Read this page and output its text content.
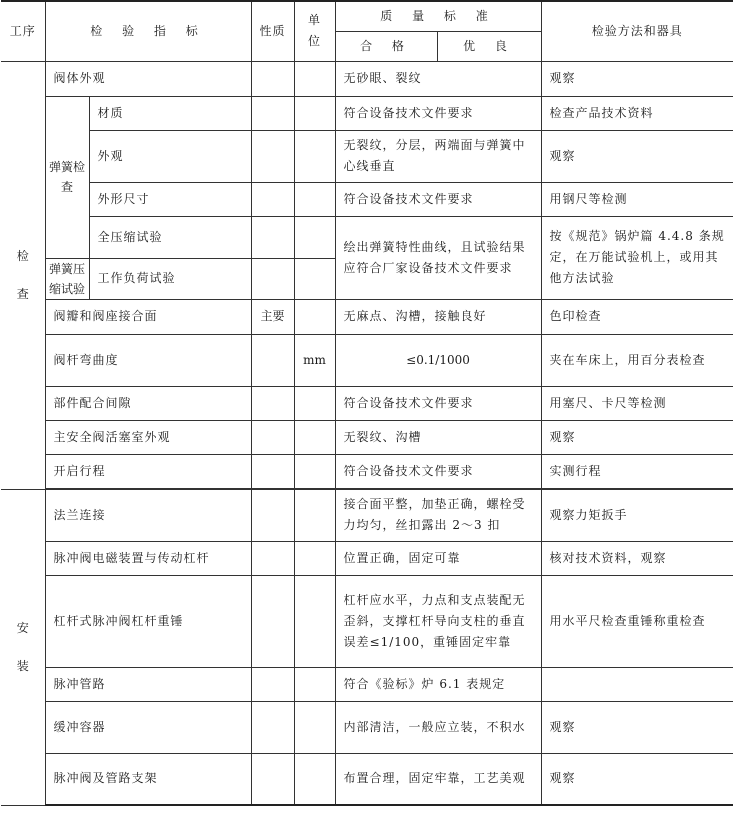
工序	检 验 指 标		性质	单位	质 量 标 准		检验方法和器具
					合 格	优 良	

检
查	阀体外观				无砂眼、裂纹		观察
	弹簧检查	材质			符合设备技术文件要求		检查产品技术资料
		外观			无裂纹，分层，两端面与弹簧中心线垂直		观察
		外形尺寸			符合设备技术文件要求		用钢尺等检测
		全压缩试验			绘出弹簧特性曲线，且试验结果应符合厂家设备技术文件要求		按《规范》锅炉篇 4.4.8 条规定，在万能试验机上，或用其他方法试验
	弹簧压缩试验	工作负荷试验					
	阀瓣和阀座接合面		主要		无麻点、沟槽，接触良好		色印检查
	阀杆弯曲度			mm	≤0.1/1000		夹在车床上，用百分表检查
	部件配合间隙				符合设备技术文件要求		用塞尺、卡尺等检测
	主安全阀活塞室外观				无裂纹、沟槽		观察
	开启行程				符合设备技术文件要求		实测行程

安
装	法兰连接				接合面平整，加垫正确，螺栓受力均匀，丝扣露出 2～3 扣		观察力矩扳手
	脉冲阀电磁装置与传动杠杆				位置正确，固定可靠		核对技术资料，观察
	杠杆式脉冲阀杠杆重锤				杠杆应水平，力点和支点装配无歪斜，支撑杠杆导向支柱的垂直误差≤1/100，重锤固定牢靠		用水平尺检查重锤称重检查
	脉冲管路				符合《验标》炉 6.1 表规定		
	缓冲容器				内部清洁，一般应立装，不积水		观察
	脉冲阀及管路支架				布置合理，固定牢靠，工艺美观		观察
